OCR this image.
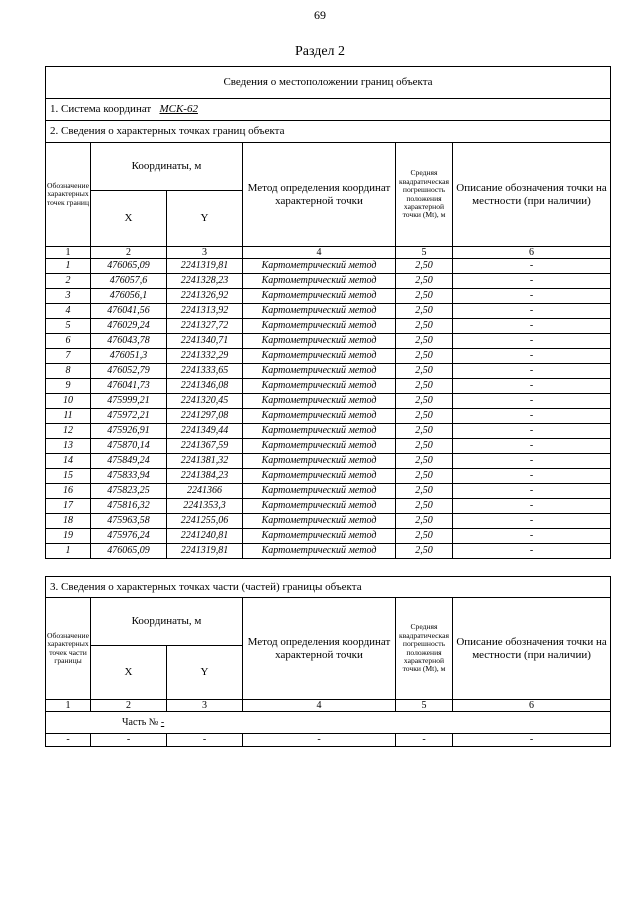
69
Раздел 2
Сведения о местоположении границ объекта					
1. Система координат МСК-62					
2. Сведения о характерных точках границ объекта					
Обозначение характерных точек границ	Координаты, м		Метод определения координат характерной точки	Средняя квадратическая погрешность положения характерной точки (Mt), м	Описание обозначения точки на местности (при наличии)
	X	Y			
1	2	3	4	5	6
1	476065,09	2241319,81	Картометрический метод	2,50	-
2	476057,6	2241328,23	Картометрический метод	2,50	-
3	476056,1	2241326,92	Картометрический метод	2,50	-
4	476041,56	2241313,92	Картометрический метод	2,50	-
5	476029,24	2241327,72	Картометрический метод	2,50	-
6	476043,78	2241340,71	Картометрический метод	2,50	-
7	476051,3	2241332,29	Картометрический метод	2,50	-
8	476052,79	2241333,65	Картометрический метод	2,50	-
9	476041,73	2241346,08	Картометрический метод	2,50	-
10	475999,21	2241320,45	Картометрический метод	2,50	-
11	475972,21	2241297,08	Картометрический метод	2,50	-
12	475926,91	2241349,44	Картометрический метод	2,50	-
13	475870,14	2241367,59	Картометрический метод	2,50	-
14	475849,24	2241381,32	Картометрический метод	2,50	-
15	475833,94	2241384,23	Картометрический метод	2,50	-
16	475823,25	2241366	Картометрический метод	2,50	-
17	475816,32	2241353,3	Картометрический метод	2,50	-
18	475963,58	2241255,06	Картометрический метод	2,50	-
19	475976,24	2241240,81	Картометрический метод	2,50	-
1	476065,09	2241319,81	Картометрический метод	2,50	-
3. Сведения о характерных точках части (частей) границы объекта					
Обозначение характерных точек части границы	Координаты, м		Метод определения координат характерной точки	Средняя квадратическая погрешность положения характерной точки (Mt), м	Описание обозначения точки на местности (при наличии)
	X	Y			
1	2	3	4	5	6
Часть № -					
-	-	-	-	-	-
